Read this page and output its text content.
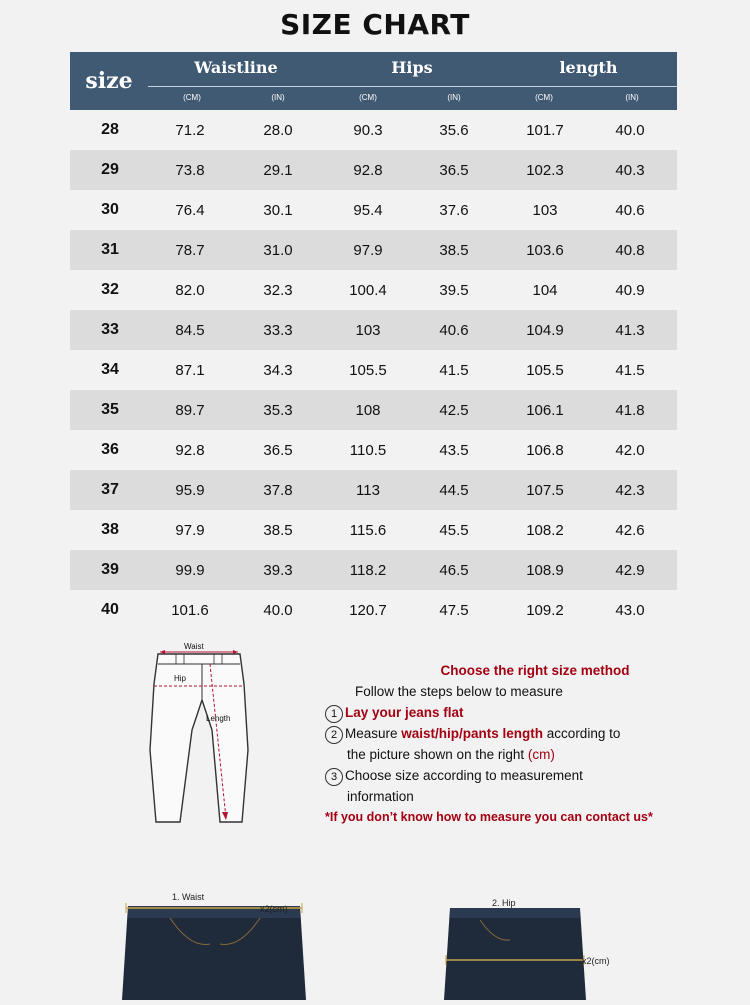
SIZE CHART
size
Waistline	Hips	length
(CM)	(IN)	(CM)	(IN)	(CM)	(IN)
28	71.2	28.0	90.3	35.6	101.7	40.0
29	73.8	29.1	92.8	36.5	102.3	40.3
30	76.4	30.1	95.4	37.6	103	40.6
31	78.7	31.0	97.9	38.5	103.6	40.8
32	82.0	32.3	100.4	39.5	104	40.9
33	84.5	33.3	103	40.6	104.9	41.3
34	87.1	34.3	105.5	41.5	105.5	41.5
35	89.7	35.3	108	42.5	106.1	41.8
36	92.8	36.5	110.5	43.5	106.8	42.0
37	95.9	37.8	113	44.5	107.5	42.3
38	97.9	38.5	115.6	45.5	108.2	42.6
39	99.9	39.3	118.2	46.5	108.9	42.9
40	101.6	40.0	120.7	47.5	109.2	43.0
Waist
Hip
Length
Choose the right size method
Follow the steps below to measure
1 Lay your jeans flat
2 Measure waist/hip/pants length according to
the picture shown on the right (cm)
3 Choose size according to measurement
information
*If you don’t know how to measure you can contact us*
1. Waist
x2(cm)
2. Hip
x2(cm)
